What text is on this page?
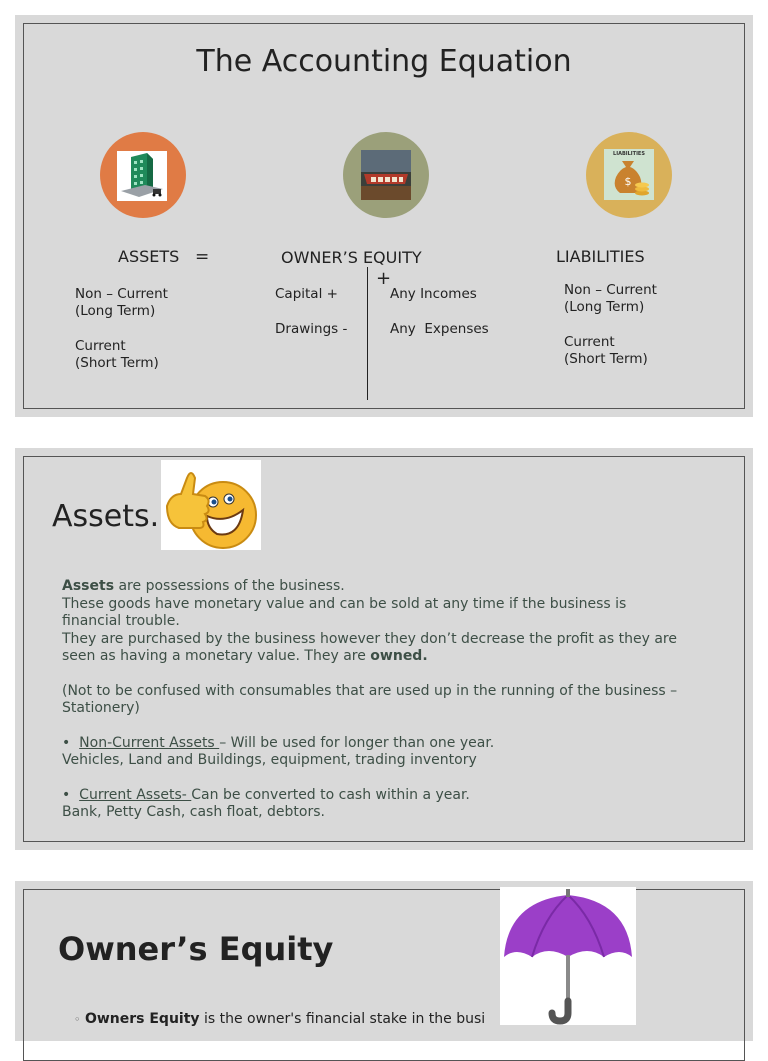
The Accounting Equation
LIABILITIES
$
ASSETS =
Non – Current
(Long Term)
Current
(Short Term)
OWNER’S EQUITY
Capital +
Drawings -
+
Any Incomes
Any  Expenses
LIABILITIES
Non – Current
(Long Term)
Current
(Short Term)
Assets.
Assets are possessions of the business.
These goods have monetary value and can be sold at any time if the business is
financial trouble.
They are purchased by the business however they don’t decrease the profit as they are
seen as having a monetary value. They are owned.
(Not to be confused with consumables that are used up in the running of the business –
Stationery)
• Non-Current Assets – Will be used for longer than one year.
Vehicles, Land and Buildings, equipment, trading inventory
• Current Assets- Can be converted to cash within a year.
Bank, Petty Cash, cash float, debtors.
Owner’s Equity
◦ Owners Equity is the owner's financial stake in the busi
